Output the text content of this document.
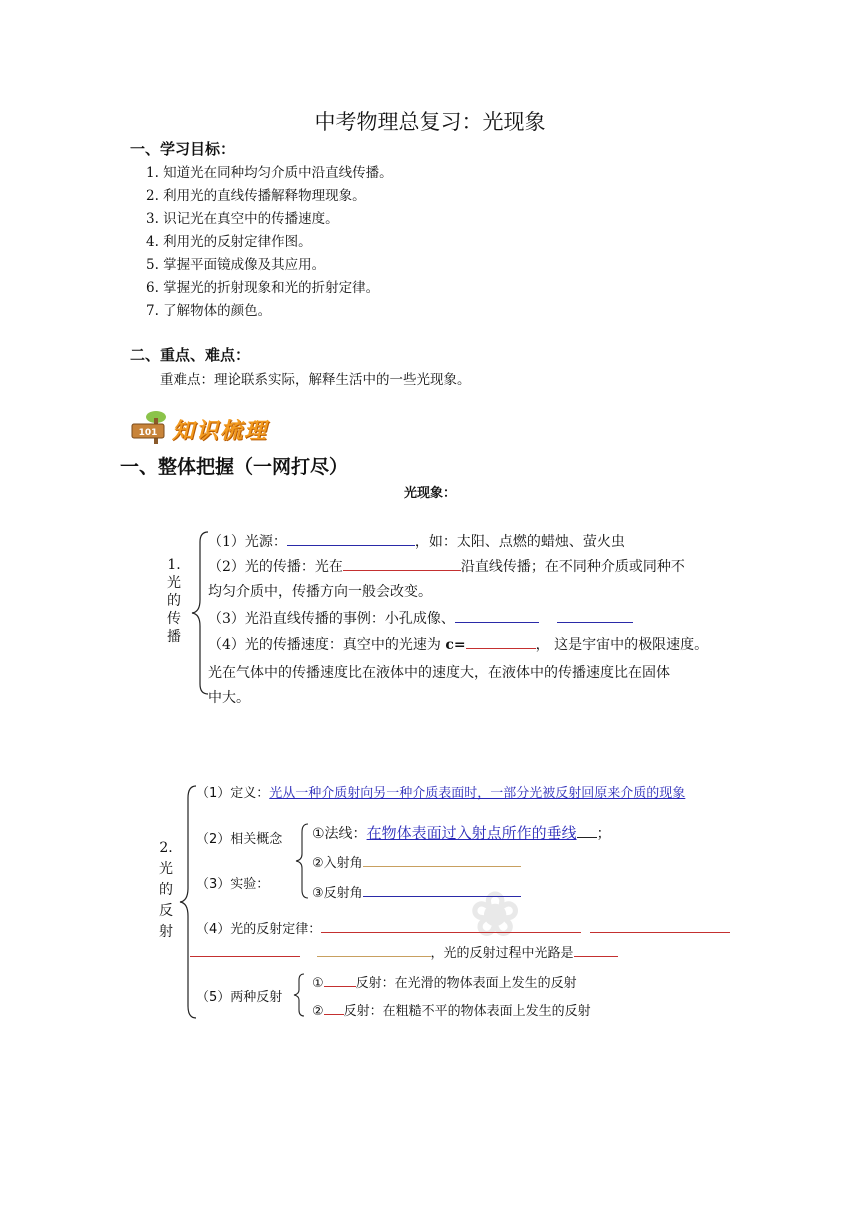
中考物理总复习：光现象
一、学习目标：
1. 知道光在同种均匀介质中沿直线传播。
2. 利用光的直线传播解释物理现象。
3. 识记光在真空中的传播速度。
4. 利用光的反射定律作图。
5. 掌握平面镜成像及其应用。
6. 掌握光的折射现象和光的折射定律。
7. 了解物体的颜色。
二、重点、难点：
重难点：理论联系实际，解释生活中的一些光现象。
101 知识梳理
一、整体把握（一网打尽）
光现象：
1.
光
的
传
播
（1）光源：	，如：太阳、点燃的蜡烛、萤火虫
（2）光的传播：光在	沿直线传播；在不同种介质或同种不
均匀介质中，传播方向一般会改变。
（3）光沿直线传播的事例：小孔成像、
（4）光的传播速度：真空中的光速为 c=	， 这是宇宙中的极限速度。
光在气体中的传播速度比在液体中的速度大，在液体中的传播速度比在固体
中大。
❀
2.
光
的
反
射
（1）定义：光从一种介质射向另一种介质表面时，一部分光被反射回原来介质的现象
（2）相关概念
（3）实验：
①法线：在物体表面过入射点所作的垂线 ；
②入射角
③反射角
（4）光的反射定律：
，光的反射过程中光路是
（5）两种反射
① 反射：在光滑的物体表面上发生的反射
② 反射：在粗糙不平的物体表面上发生的反射
